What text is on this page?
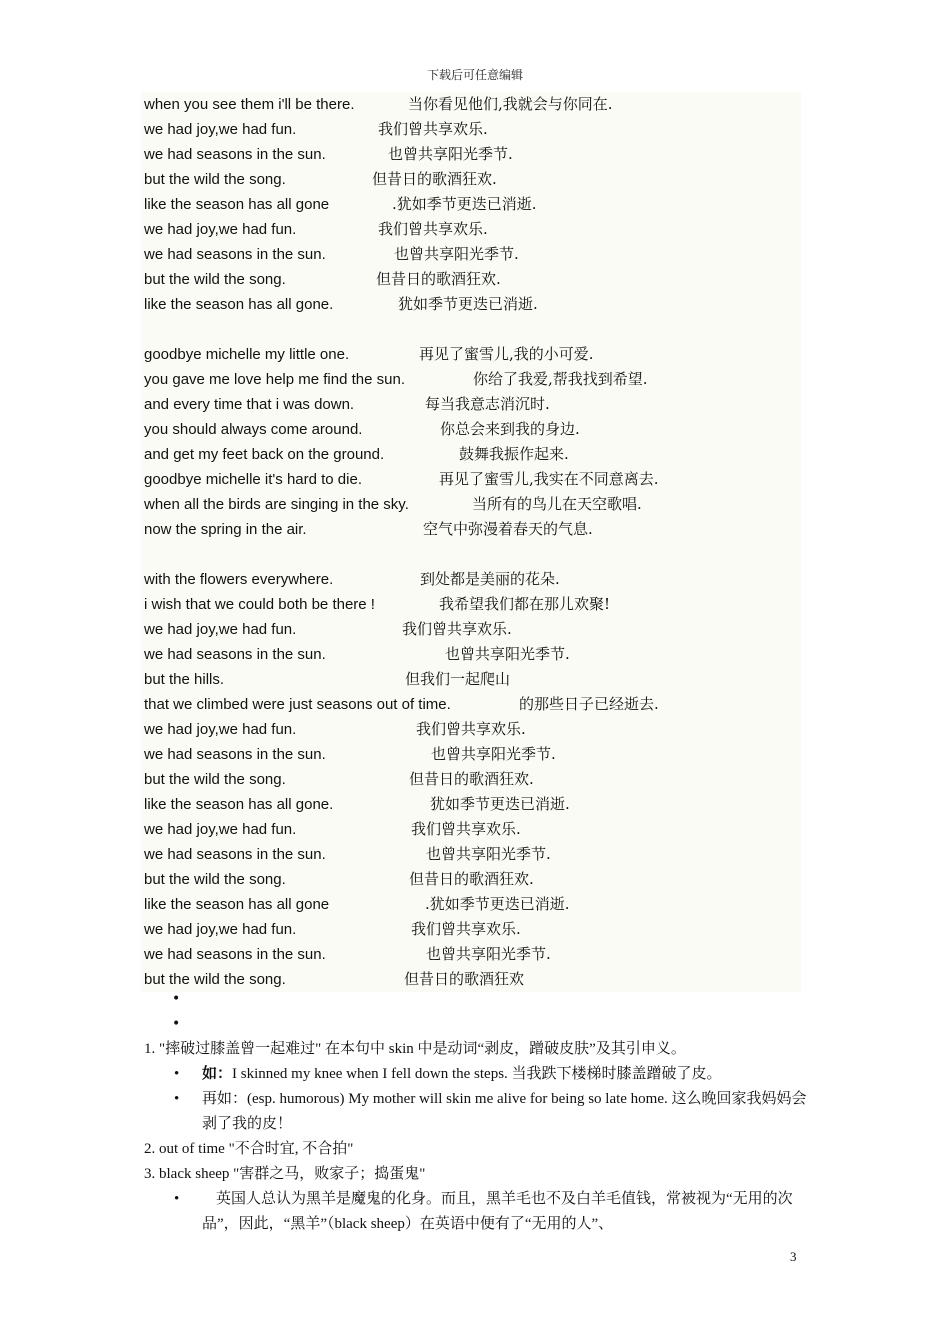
下载后可任意编辑
when you see them i'll be there.	当你看见他们,我就会与你同在.
we had joy,we had fun.	我们曾共享欢乐.
we had seasons in the sun.	也曾共享阳光季节.
but the wild the song.	但昔日的歌酒狂欢.
like the season has all gone	.犹如季节更迭已消逝.
we had joy,we had fun.	我们曾共享欢乐.
we had seasons in the sun.	也曾共享阳光季节.
but the wild the song.	但昔日的歌酒狂欢.
like the season has all gone.	犹如季节更迭已消逝.
goodbye michelle my little one.	再见了蜜雪儿,我的小可爱.
you gave me love help me find the sun.	你给了我爱,帮我找到希望.
and every time that i was down.	每当我意志消沉时.
you should always come around.	你总会来到我的身边.
and get my feet back on the ground.	鼓舞我振作起来.
goodbye michelle it's hard to die.	再见了蜜雪儿,我实在不同意离去.
when all the birds are singing in the sky.	当所有的鸟儿在天空歌唱.
now the spring in the air.	空气中弥漫着春天的气息.
with the flowers everywhere.	到处都是美丽的花朵.
i wish that we could both be there !	我希望我们都在那儿欢聚!
we had joy,we had fun.	我们曾共享欢乐.
we had seasons in the sun.	也曾共享阳光季节.
but the hills.	但我们一起爬山
that we climbed were just seasons out of time.	的那些日子已经逝去.
we had joy,we had fun.	我们曾共享欢乐.
we had seasons in the sun.	也曾共享阳光季节.
but the wild the song.	但昔日的歌酒狂欢.
like the season has all gone.	犹如季节更迭已消逝.
we had joy,we had fun.	我们曾共享欢乐.
we had seasons in the sun.	也曾共享阳光季节.
but the wild the song.	但昔日的歌酒狂欢.
like the season has all gone	.犹如季节更迭已消逝.
we had joy,we had fun.	我们曾共享欢乐.
we had seasons in the sun.	也曾共享阳光季节.
but the wild the song.	但昔日的歌酒狂欢
•
•
1. "摔破过膝盖曾一起难过" 在本句中 skin 中是动词“剥皮，蹭破皮肤”及其引申义。
• 如：I skinned my knee when I fell down the steps. 当我跌下楼梯时膝盖蹭破了皮。
• 再如：(esp. humorous) My mother will skin me alive for being so late home. 这么晚回家我妈妈会剥了我的皮！
2. out of time "不合时宜, 不合拍"
3. black sheep "害群之马，败家子；捣蛋鬼"
•	英国人总认为黑羊是魔鬼的化身。而且，黑羊毛也不及白羊毛值钱，常被视为“无用的次品”，因此，“黑羊”（black sheep）在英语中便有了“无用的人”、
3
